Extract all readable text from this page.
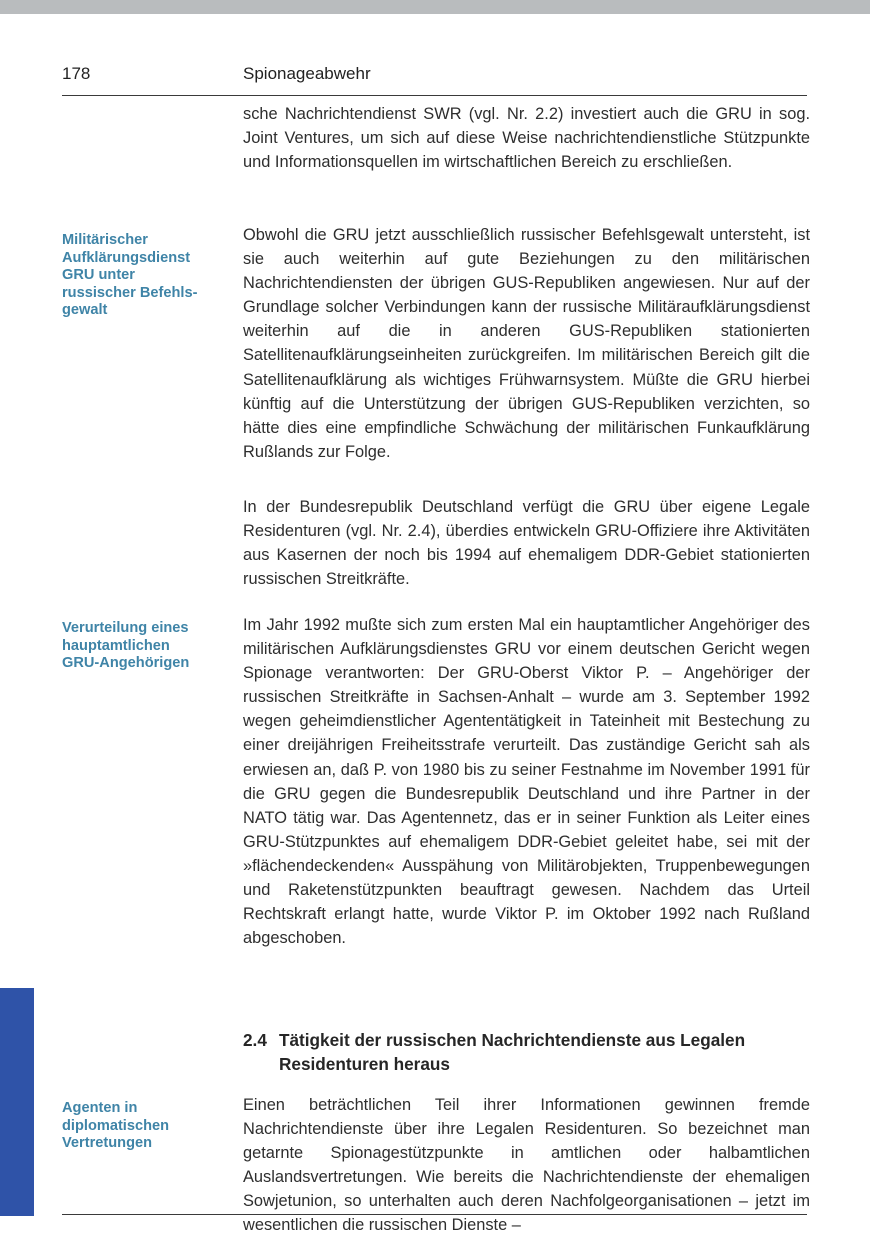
178	Spionageabwehr

sche Nachrichtendienst SWR (vgl. Nr. 2.2) investiert auch die GRU in sog. Joint Ventures, um sich auf diese Weise nachrichtendienstliche Stützpunkte und Informationsquellen im wirtschaftlichen Bereich zu erschließen.

Militärischer
Aufklärungsdienst
GRU unter
russischer Befehls-
gewalt

Obwohl die GRU jetzt ausschließlich russischer Befehlsgewalt untersteht, ist sie auch weiterhin auf gute Beziehungen zu den militärischen Nachrichtendiensten der übrigen GUS-Republiken angewiesen. Nur auf der Grundlage solcher Verbindungen kann der russische Militäraufklärungsdienst weiterhin auf die in anderen GUS-Republiken stationierten Satellitenaufklärungseinheiten zurückgreifen. Im militärischen Bereich gilt die Satellitenaufklärung als wichtiges Frühwarnsystem. Müßte die GRU hierbei künftig auf die Unterstützung der übrigen GUS-Republiken verzichten, so hätte dies eine empfindliche Schwächung der militärischen Funkaufklärung Rußlands zur Folge.

In der Bundesrepublik Deutschland verfügt die GRU über eigene Legale Residenturen (vgl. Nr. 2.4), überdies entwickeln GRU-Offiziere ihre Aktivitäten aus Kasernen der noch bis 1994 auf ehemaligem DDR-Gebiet stationierten russischen Streitkräfte.

Verurteilung eines
hauptamtlichen
GRU-Angehörigen

Im Jahr 1992 mußte sich zum ersten Mal ein hauptamtlicher Angehöriger des militärischen Aufklärungsdienstes GRU vor einem deutschen Gericht wegen Spionage verantworten: Der GRU-Oberst Viktor P. – Angehöriger der russischen Streitkräfte in Sachsen-Anhalt – wurde am 3. September 1992 wegen geheimdienstlicher Agententätigkeit in Tateinheit mit Bestechung zu einer dreijährigen Freiheitsstrafe verurteilt. Das zuständige Gericht sah als erwiesen an, daß P. von 1980 bis zu seiner Festnahme im November 1991 für die GRU gegen die Bundesrepublik Deutschland und ihre Partner in der NATO tätig war. Das Agentennetz, das er in seiner Funktion als Leiter eines GRU-Stützpunktes auf ehemaligem DDR-Gebiet geleitet habe, sei mit der »flächendeckenden« Ausspähung von Militärobjekten, Truppenbewegungen und Raketenstützpunkten beauftragt gewesen. Nachdem das Urteil Rechtskraft erlangt hatte, wurde Viktor P. im Oktober 1992 nach Rußland abgeschoben.

2.4 Tätigkeit der russischen Nachrichtendienste aus Legalen
Residenturen heraus
Agenten in
diplomatischen
Vertretungen

Einen beträchtlichen Teil ihrer Informationen gewinnen fremde Nachrichtendienste über ihre Legalen Residenturen. So bezeichnet man getarnte Spionagestützpunkte in amtlichen oder halbamtlichen Auslandsvertretungen. Wie bereits die Nachrichtendienste der ehemaligen Sowjetunion, so unterhalten auch deren Nachfolgeorganisationen – jetzt im wesentlichen die russischen Dienste –
